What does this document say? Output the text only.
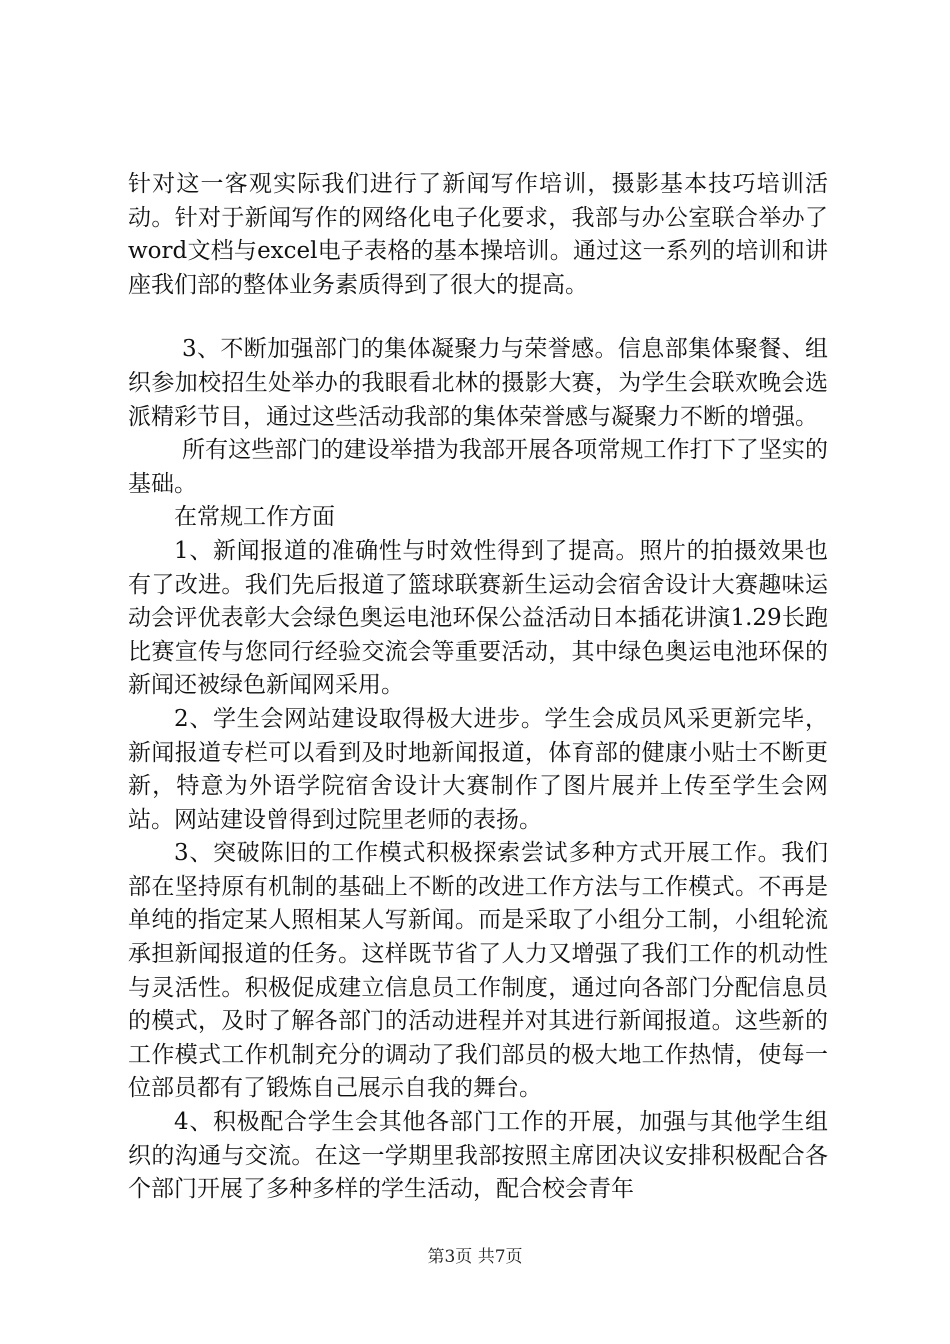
针对这一客观实际我们进行了新闻写作培训，摄影基本技巧培训活动。针对于新闻写作的网络化电子化要求，我部与办公室联合举办了word文档与excel电子表格的基本操培训。通过这一系列的培训和讲座我们部的整体业务素质得到了很大的提高。

3、不断加强部门的集体凝聚力与荣誉感。信息部集体聚餐、组织参加校招生处举办的我眼看北林的摄影大赛，为学生会联欢晚会选派精彩节目，通过这些活动我部的集体荣誉感与凝聚力不断的增强。

所有这些部门的建设举措为我部开展各项常规工作打下了坚实的基础。

在常规工作方面

1、新闻报道的准确性与时效性得到了提高。照片的拍摄效果也有了改进。我们先后报道了篮球联赛新生运动会宿舍设计大赛趣味运动会评优表彰大会绿色奥运电池环保公益活动日本插花讲演1.29长跑比赛宣传与您同行经验交流会等重要活动，其中绿色奥运电池环保的新闻还被绿色新闻网采用。

2、学生会网站建设取得极大进步。学生会成员风采更新完毕，新闻报道专栏可以看到及时地新闻报道，体育部的健康小贴士不断更新，特意为外语学院宿舍设计大赛制作了图片展并上传至学生会网站。网站建设曾得到过院里老师的表扬。

3、突破陈旧的工作模式积极探索尝试多种方式开展工作。我们部在坚持原有机制的基础上不断的改进工作方法与工作模式。不再是单纯的指定某人照相某人写新闻。而是采取了小组分工制，小组轮流承担新闻报道的任务。这样既节省了人力又增强了我们工作的机动性与灵活性。积极促成建立信息员工作制度，通过向各部门分配信息员的模式，及时了解各部门的活动进程并对其进行新闻报道。这些新的工作模式工作机制充分的调动了我们部员的极大地工作热情，使每一位部员都有了锻炼自己展示自我的舞台。

4、积极配合学生会其他各部门工作的开展，加强与其他学生组织的沟通与交流。在这一学期里我部按照主席团决议安排积极配合各个部门开展了多种多样的学生活动，配合校会青年

第3页 共7页
